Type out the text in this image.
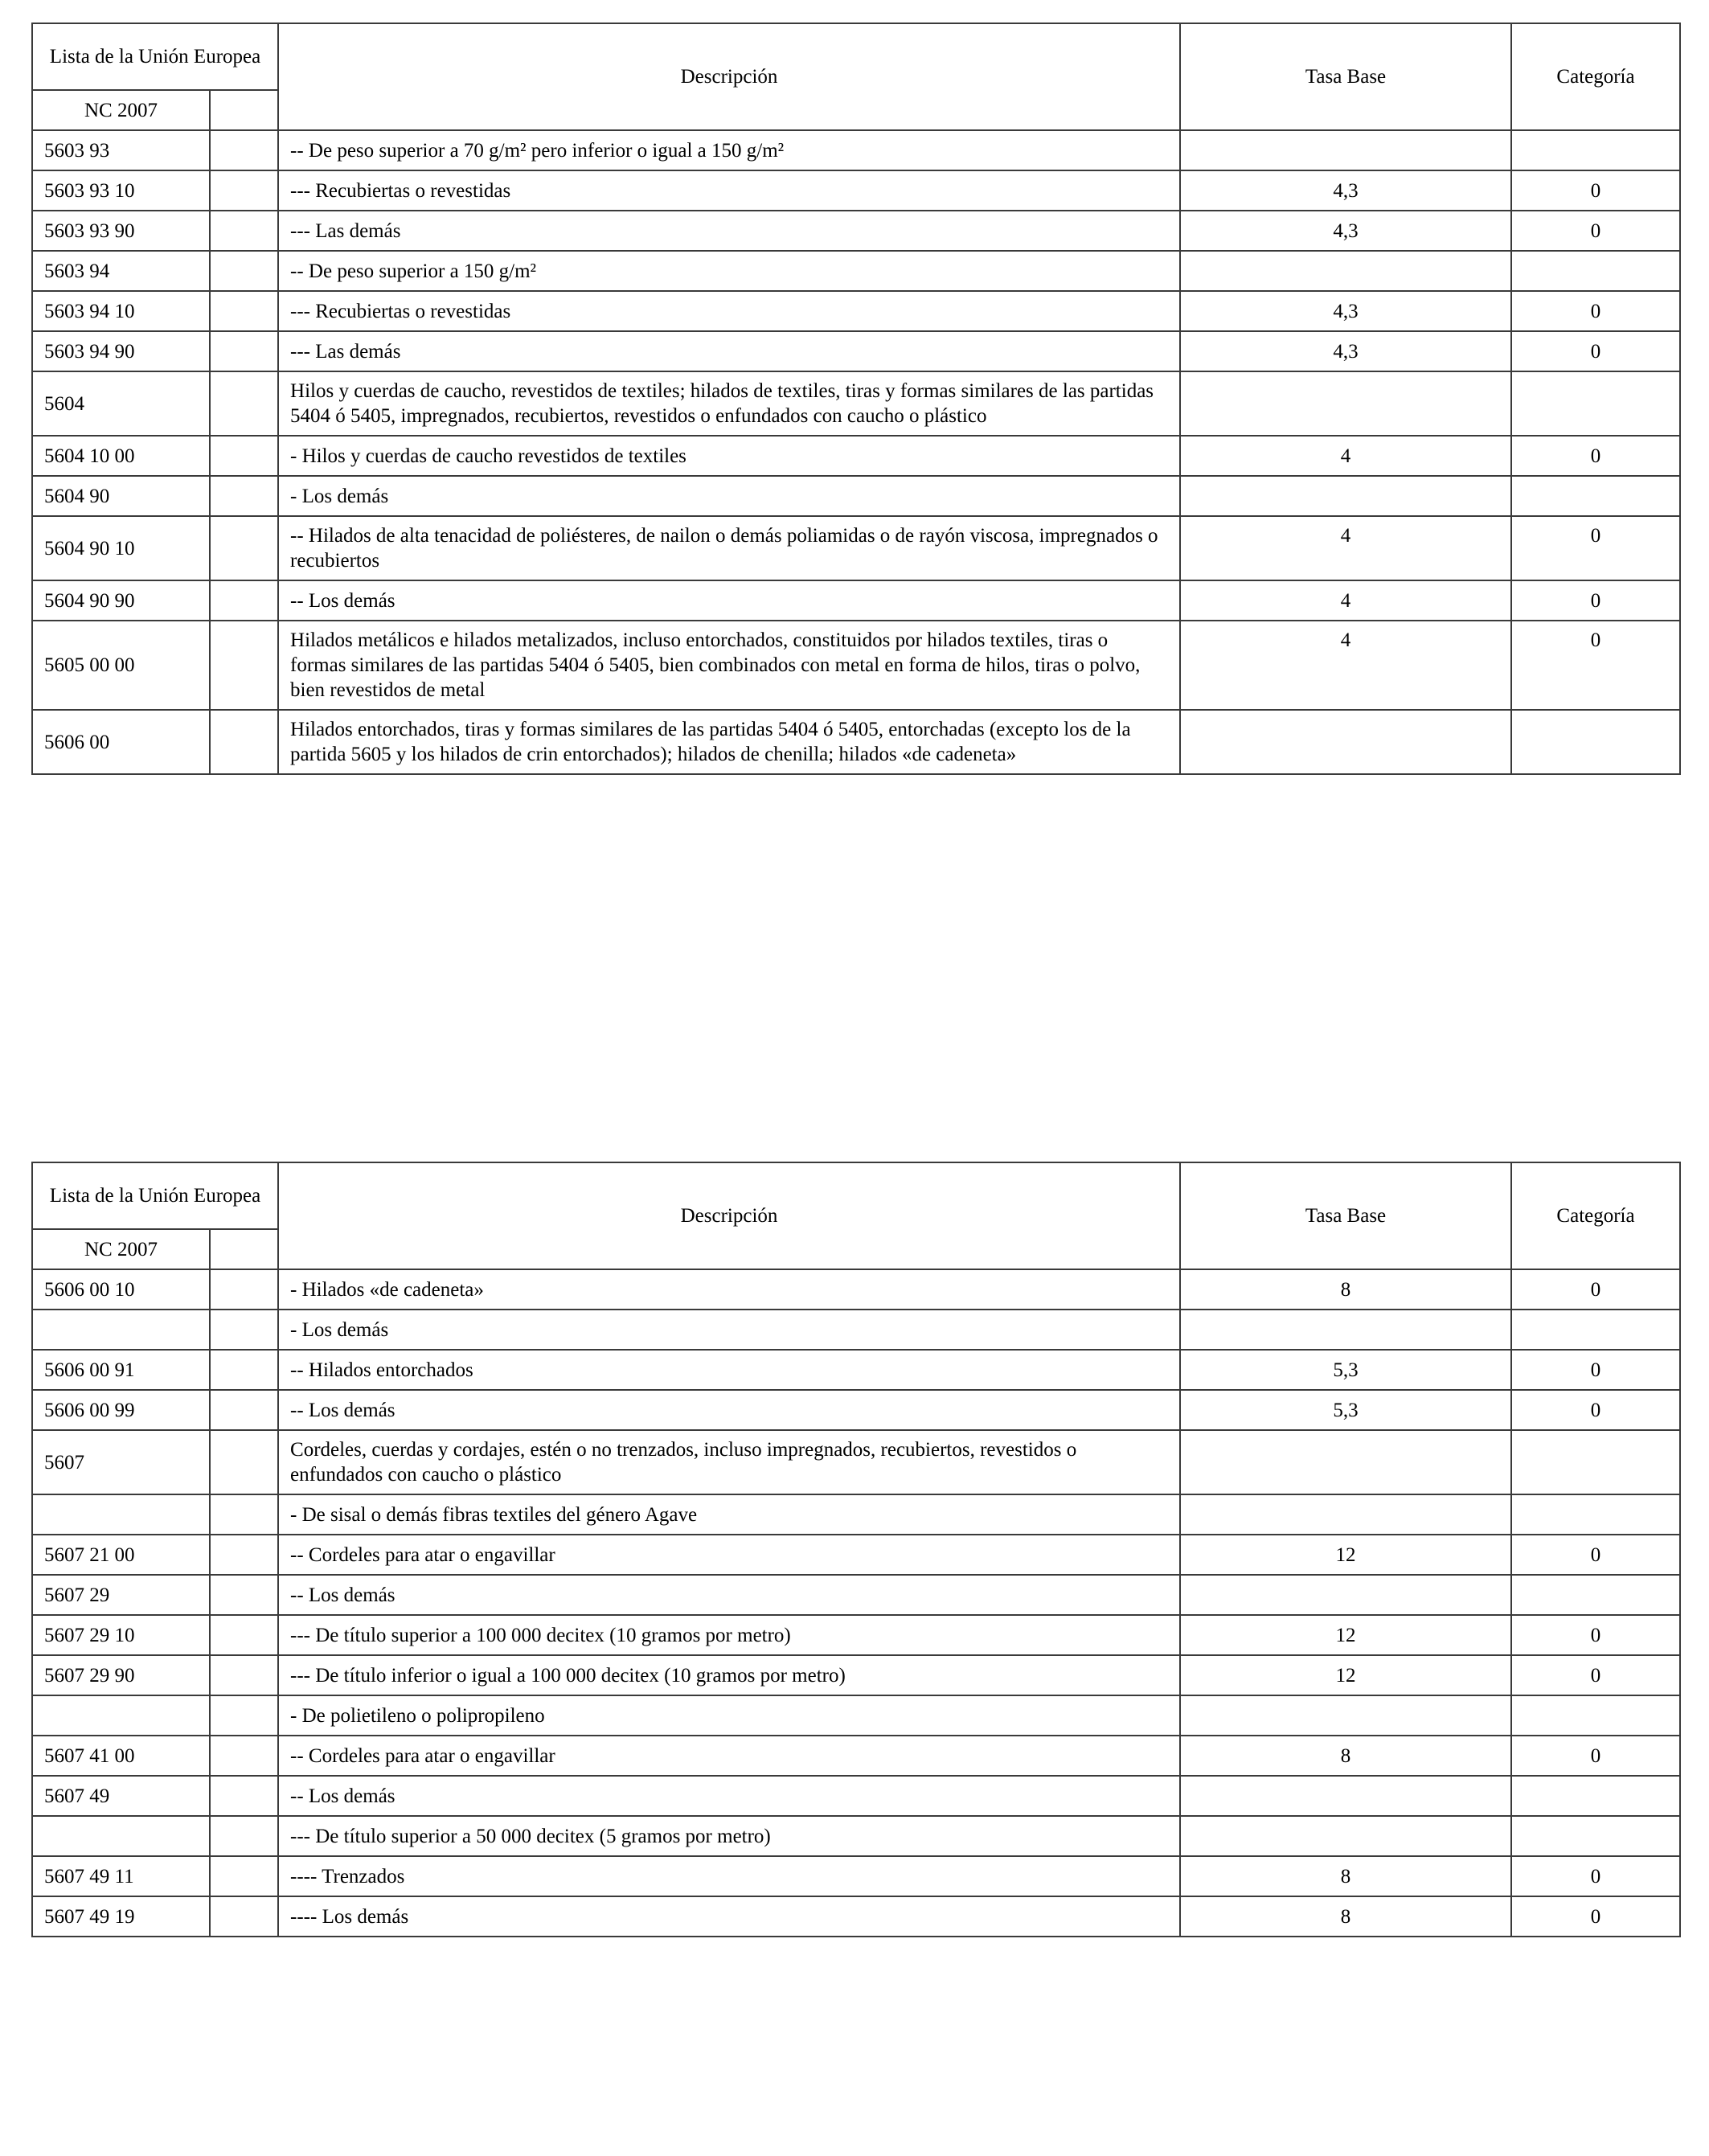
Lista de la Unión Europea		Descripción	Tasa Base	Categoría
NC 2007				
5603 93		-- De peso superior a 70 g/m² pero inferior o igual a 150 g/m²		
5603 93 10		--- Recubiertas o revestidas	4,3	0
5603 93 90		--- Las demás	4,3	0
5603 94		-- De peso superior a 150 g/m²		
5603 94 10		--- Recubiertas o revestidas	4,3	0
5603 94 90		--- Las demás	4,3	0
5604		Hilos y cuerdas de caucho, revestidos de textiles; hilados de textiles, tiras y formas similares de las partidas 5404 ó 5405, impregnados, recubiertos, revestidos o enfundados con caucho o plástico		
5604 10 00		- Hilos y cuerdas de caucho revestidos de textiles	4	0
5604 90		- Los demás		
5604 90 10		-- Hilados de alta tenacidad de poliésteres, de nailon o demás poliamidas o de rayón viscosa, impregnados o recubiertos	4	0
5604 90 90		-- Los demás	4	0
5605 00 00		Hilados metálicos e hilados metalizados, incluso entorchados, constituidos por hilados textiles, tiras o formas similares de las partidas 5404 ó 5405, bien combinados con metal en forma de hilos, tiras o polvo, bien revestidos de metal	4	0
5606 00		Hilados entorchados, tiras y formas similares de las partidas 5404 ó 5405, entorchadas (excepto los de la partida 5605 y los hilados de crin entorchados); hilados de chenilla; hilados «de cadeneta»		
Lista de la Unión Europea		Descripción	Tasa Base	Categoría
NC 2007				
5606 00 10		- Hilados «de cadeneta»	8	0
		- Los demás		
5606 00 91		-- Hilados entorchados	5,3	0
5606 00 99		-- Los demás	5,3	0
5607		Cordeles, cuerdas y cordajes, estén o no trenzados, incluso impregnados, recubiertos, revestidos o enfundados con caucho o plástico		
		- De sisal o demás fibras textiles del género Agave		
5607 21 00		-- Cordeles para atar o engavillar	12	0
5607 29		-- Los demás		
5607 29 10		--- De título superior a 100 000 decitex (10 gramos por metro)	12	0
5607 29 90		--- De título inferior o igual a 100 000 decitex (10 gramos por metro)	12	0
		- De polietileno o polipropileno		
5607 41 00		-- Cordeles para atar o engavillar	8	0
5607 49		-- Los demás		
		--- De título superior a 50 000 decitex (5 gramos por metro)		
5607 49 11		---- Trenzados	8	0
5607 49 19		---- Los demás	8	0
